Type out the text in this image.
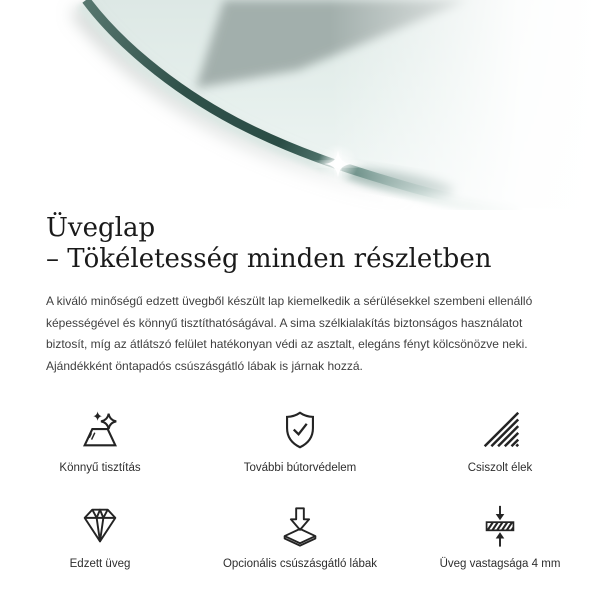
Üveglap
– Tökéletesség minden részletben

A kiváló minőségű edzett üvegből készült lap kiemelkedik a sérülésekkel szembeni ellenálló képességével és könnyű tisztíthatóságával. A sima szélkialakítás biztonságos használatot biztosít, míg az átlátszó felület hatékonyan védi az asztalt, elegáns fényt kölcsönözve neki. Ajándékként öntapadós csúszásgátló lábak is járnak hozzá.

Könnyű tisztítás	További bútorvédelem	Csiszolt élek
Edzett üveg	Opcionális csúszásgátló lábak	Üveg vastagsága 4 mm
